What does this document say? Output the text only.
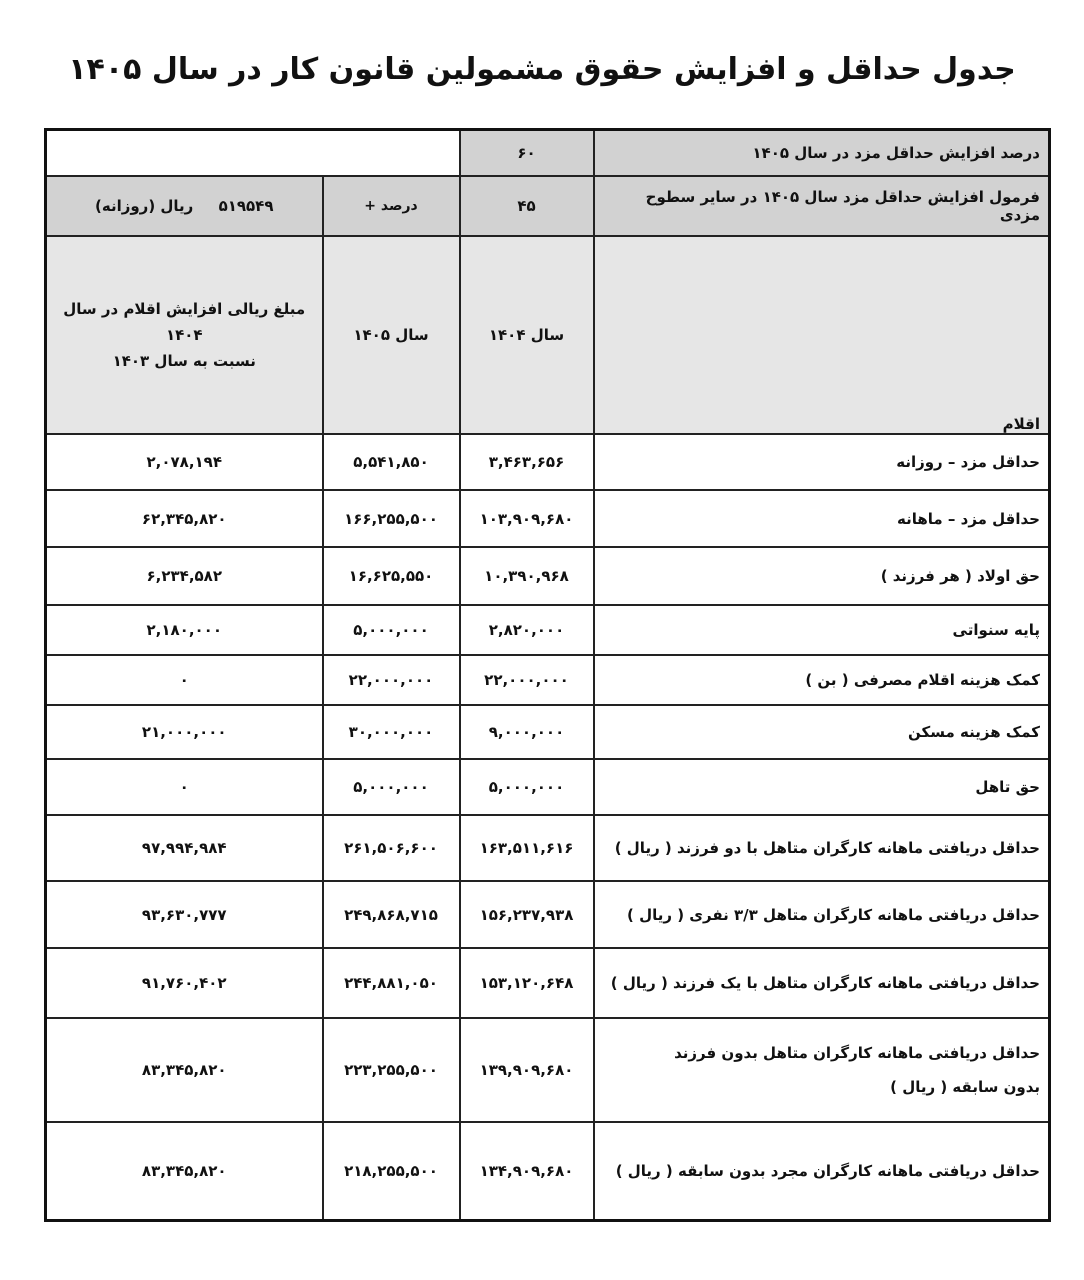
جدول حداقل و افزایش حقوق مشمولین قانون کار در سال ۱۴۰۵
درصد افزایش حداقل مزد در سال ۱۴۰۵	۶۰		
فرمول افزایش حداقل مزد سال ۱۴۰۵ در سایر سطوح مزدی	۴۵	درصد +	۵۱۹۵۴۹ ریال (روزانه)
اقلام	سال ۱۴۰۴	سال ۱۴۰۵	مبلغ ریالی افزایش اقلام در سال ۱۴۰۴
نسبت به سال ۱۴۰۳

حداقل مزد – روزانه	۳,۴۶۳,۶۵۶	۵,۵۴۱,۸۵۰	۲,۰۷۸,۱۹۴
حداقل مزد – ماهانه	۱۰۳,۹۰۹,۶۸۰	۱۶۶,۲۵۵,۵۰۰	۶۲,۳۴۵,۸۲۰
حق اولاد ( هر فرزند )	۱۰,۳۹۰,۹۶۸	۱۶,۶۲۵,۵۵۰	۶,۲۳۴,۵۸۲
پایه سنواتی	۲,۸۲۰,۰۰۰	۵,۰۰۰,۰۰۰	۲,۱۸۰,۰۰۰
کمک هزینه اقلام مصرفی ( بن )	۲۲,۰۰۰,۰۰۰	۲۲,۰۰۰,۰۰۰	۰
کمک هزینه مسکن	۹,۰۰۰,۰۰۰	۳۰,۰۰۰,۰۰۰	۲۱,۰۰۰,۰۰۰
حق تاهل	۵,۰۰۰,۰۰۰	۵,۰۰۰,۰۰۰	۰
حداقل دریافتی ماهانه کارگران متاهل با دو فرزند ( ریال )	۱۶۳,۵۱۱,۶۱۶	۲۶۱,۵۰۶,۶۰۰	۹۷,۹۹۴,۹۸۴
حداقل دریافتی ماهانه کارگران متاهل ۳/۳ نفری ( ریال )	۱۵۶,۲۳۷,۹۳۸	۲۴۹,۸۶۸,۷۱۵	۹۳,۶۳۰,۷۷۷
حداقل دریافتی ماهانه کارگران متاهل با یک فرزند ( ریال )	۱۵۳,۱۲۰,۶۴۸	۲۴۴,۸۸۱,۰۵۰	۹۱,۷۶۰,۴۰۲

حداقل دریافتی ماهانه کارگران متاهل بدون فرزند
بدون سابقه ( ریال )	۱۳۹,۹۰۹,۶۸۰	۲۲۳,۲۵۵,۵۰۰	۸۳,۳۴۵,۸۲۰
حداقل دریافتی ماهانه کارگران مجرد بدون سابقه ( ریال )	۱۳۴,۹۰۹,۶۸۰	۲۱۸,۲۵۵,۵۰۰	۸۳,۳۴۵,۸۲۰
